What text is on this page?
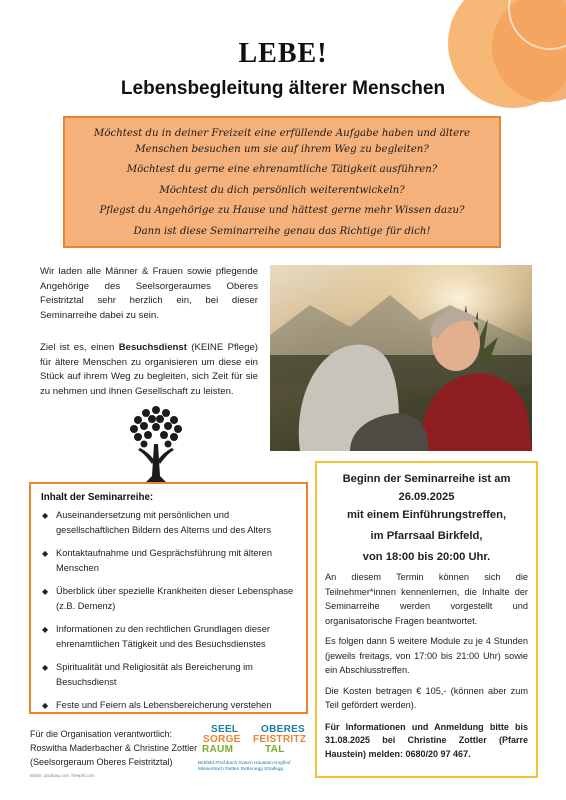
LEBE!
Lebensbegleitung älterer Menschen

Möchtest du in deiner Freizeit eine erfüllende Aufgabe haben und ältere Menschen besuchen um sie auf ihrem Weg zu begleiten?

Möchtest du gerne eine ehrenamtliche Tätigkeit ausführen?

Möchtest du dich persönlich weiterentwickeln?

Pflegst du Angehörige zu Hause und hättest gerne mehr Wissen dazu?

Dann ist diese Seminarreihe genau das Richtige für dich!

Wir laden alle Männer & Frauen sowie pflegende Angehörige des Seelsorgeraumes Oberes Feistritztal sehr herzlich ein, bei dieser Seminarreihe dabei zu sein.

Ziel ist es, einen Besuchsdienst (KEINE Pflege) für ältere Menschen zu organisieren um diese ein Stück auf ihrem Weg zu begleiten, sich Zeit für sie zu nehmen und ihnen Gesellschaft zu leisten.

Inhalt der Seminarreihe:

◆ Auseinandersetzung mit persönlichen und gesellschaftlichen Bildern des Alterns und des Alters
◆ Kontaktaufnahme und Gesprächsführung mit älteren Menschen
◆ Überblick über spezielle Krankheiten dieser Lebensphase (z.B. Demenz)
◆ Informationen zu den rechtlichen Grundlagen dieser ehrenamtlichen Tätigkeit und des Besuchsdienstes
◆ Spiritualität und Religiosität als Bereicherung im Besuchsdienst
◆ Feste und Feiern als Lebensbereicherung verstehen

Beginn der Seminarreihe ist am

26.09.2025

mit einem Einführungstreffen,

im Pfarrsaal Birkfeld,

von 18:00 bis 20:00 Uhr.

An diesem Termin können sich die Teilnehmer*innen kennenlernen, die Inhalte der Seminarreihe werden vorgestellt und organisatorische Fragen beantwortet.

Es folgen dann 5 weitere Module zu je 4 Stunden (jeweils freitags, von 17:00 bis 21:00 Uhr) sowie ein Abschlusstreffen.

Die Kosten betragen € 105,- (können aber zum Teil gefördert werden).

Für Informationen und Anmeldung bitte bis 31.08.2025 bei Christine Zottler (Pfarre Haustein) melden: 0680/20 97 467.

Für die Organisation verantwortlich:
Roswitha Maderbacher & Christine Zottler
(Seelsorgeraum Oberes Feistritztal)

Bilder: pixabay.com, freepik.com
SEEL
SORGE
RAUM
OBERES
FEISTRITZ
TAL
Birkfeld Fischbach Gasen Haustein Koglhof Miesenbach Ratten Rettenegg Strallegg
